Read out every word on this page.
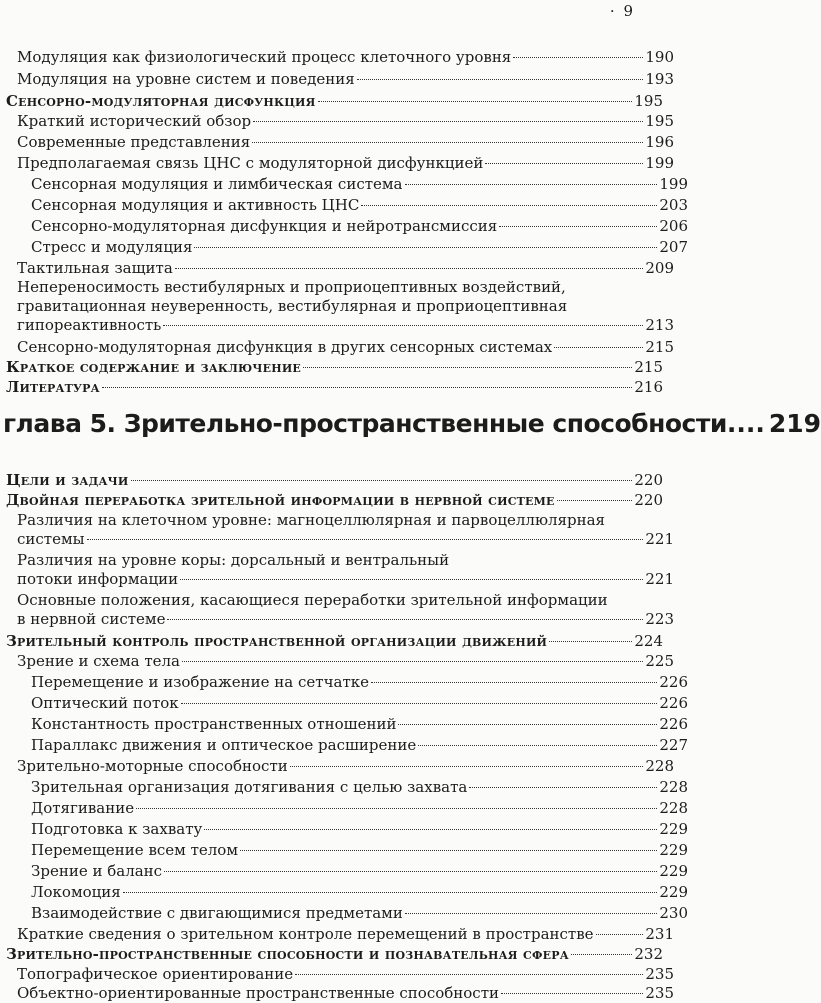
· 9
глава 5. Зрительно-пространственные способности .... 219
Модуляция как физиологический процесс клеточного уровня	190
Модуляция на уровне систем и поведения	193
Сенсорно-модуляторная дисфункция	195
Краткий исторический обзор	195
Современные представления	196
Предполагаемая связь ЦНС с модуляторной дисфункцией	199
Сенсорная модуляция и лимбическая система	199
Сенсорная модуляция и активность ЦНС	203
Сенсорно-модуляторная дисфункция и нейротрансмиссия	206
Стресс и модуляция	207
Тактильная защита	209
Непереносимость вестибулярных и проприоцептивных воздействий,
гравитационная неуверенность, вестибулярная и проприоцептивная
гипореактивность	213
Сенсорно-модуляторная дисфункция в других сенсорных системах	215
Краткое содержание и заключение	215
Литература	216
Цели и задачи	220
Двойная переработка зрительной информации в нервной системе	220
Различия на клеточном уровне: магноцеллюлярная и парвоцеллюлярная
системы	221
Различия на уровне коры: дорсальный и вентральный
потоки информации	221
Основные положения, касающиеся переработки зрительной информации
в нервной системе	223
Зрительный контроль пространственной организации движений	224
Зрение и схема тела	225
Перемещение и изображение на сетчатке	226
Оптический поток	226
Константность пространственных отношений	226
Параллакс движения и оптическое расширение	227
Зрительно-моторные способности	228
Зрительная организация дотягивания с целью захвата	228
Дотягивание	228
Подготовка к захвату	229
Перемещение всем телом	229
Зрение и баланс	229
Локомоция	229
Взаимодействие с двигающимися предметами	230
Краткие сведения о зрительном контроле перемещений в пространстве	231
Зрительно-пространственные способности и познавательная сфера	232
Топографическое ориентирование	235
Объектно-ориентированные пространственные способности	235
